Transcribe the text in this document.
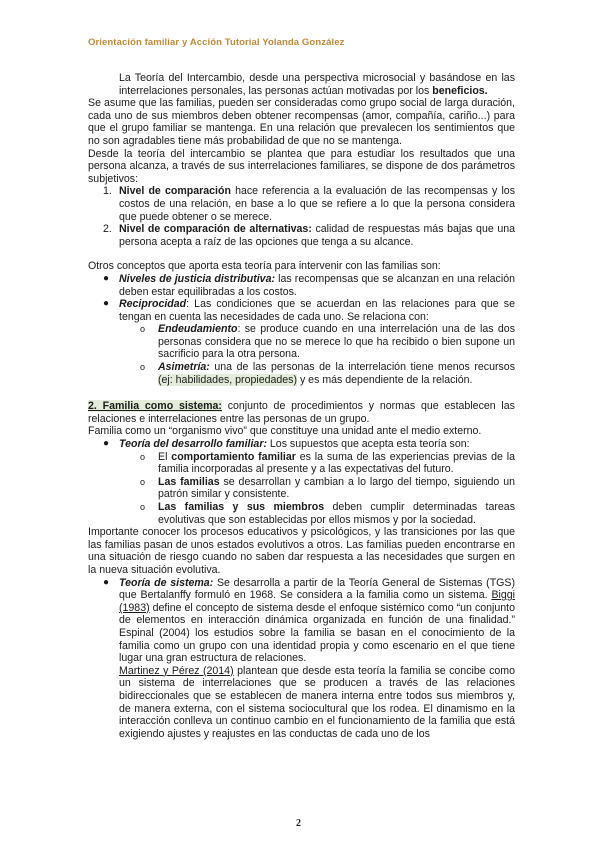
Orientación familiar y Acción Tutorial Yolanda González

La Teoría del Intercambio, desde una perspectiva microsocial y basándose en las interrelaciones personales, las personas actúan motivadas por los beneficios.

Se asume que las familias, pueden ser consideradas como grupo social de larga duración, cada uno de sus miembros deben obtener recompensas (amor, compañía, cariño...) para que el grupo familiar se mantenga. En una relación que prevalecen los sentimientos que no son agradables tiene más probabilidad de que no se mantenga.

Desde la teoría del intercambio se plantea que para estudiar los resultados que una persona alcanza, a través de sus interrelaciones familiares, se dispone de dos parámetros subjetivos:

1. Nivel de comparación hace referencia a la evaluación de las recompensas y los costos de una relación, en base a lo que se refiere a lo que la persona considera que puede obtener o se merece.
2. Nivel de comparación de alternativas: calidad de respuestas más bajas que una persona acepta a raíz de las opciones que tenga a su alcance.

Otros conceptos que aporta esta teoría para intervenir con las familias son:

● Niveles de justicia distributiva: las recompensas que se alcanzan en una relación deben estar equilibradas a los costos.
● Reciprocidad: Las condiciones que se acuerdan en las relaciones para que se tengan en cuenta las necesidades de cada uno. Se relaciona con:
o Endeudamiento: se produce cuando en una interrelación una de las dos personas considera que no se merece lo que ha recibido o bien supone un sacrificio para la otra persona.
o Asimetría: una de las personas de la interrelación tiene menos recursos (ej: habilidades, propiedades) y es más dependiente de la relación.

2. Familia como sistema: conjunto de procedimientos y normas que establecen las relaciones e interrelaciones entre las personas de un grupo.

Familia como un “organismo vivo” que constituye una unidad ante el medio externo.

● Teoría del desarrollo familiar: Los supuestos que acepta esta teoría son:
o El comportamiento familiar es la suma de las experiencias previas de la familia incorporadas al presente y a las expectativas del futuro.
o Las familias se desarrollan y cambian a lo largo del tiempo, siguiendo un patrón similar y consistente.
o Las familias y sus miembros deben cumplir determinadas tareas evolutivas que son establecidas por ellos mismos y por la sociedad.

Importante conocer los procesos educativos y psicológicos, y las transiciones por las que las familias pasan de unos estados evolutivos a otros. Las familias pueden encontrarse en una situación de riesgo cuando no saben dar respuesta a las necesidades que surgen en la nueva situación evolutiva.

● Teoría de sistema: Se desarrolla a partir de la Teoría General de Sistemas (TGS) que Bertalanffy formuló en 1968. Se considera a la familia como un sistema. Biggi (1983) define el concepto de sistema desde el enfoque sistémico como “un conjunto de elementos en interacción dinámica organizada en función de una finalidad.” Espinal (2004) los estudios sobre la familia se basan en el conocimiento de la familia como un grupo con una identidad propia y como escenario en el que tiene lugar una gran estructura de relaciones.

Martinez y Pérez (2014) plantean que desde esta teoría la familia se concibe como un sistema de interrelaciones que se producen a través de las relaciones bidireccionales que se establecen de manera interna entre todos sus miembros y, de manera externa, con el sistema sociocultural que los rodea. El dinamismo en la interacción conlleva un continuo cambio en el funcionamiento de la familia que está exigiendo ajustes y reajustes en las conductas de cada uno de los

2
